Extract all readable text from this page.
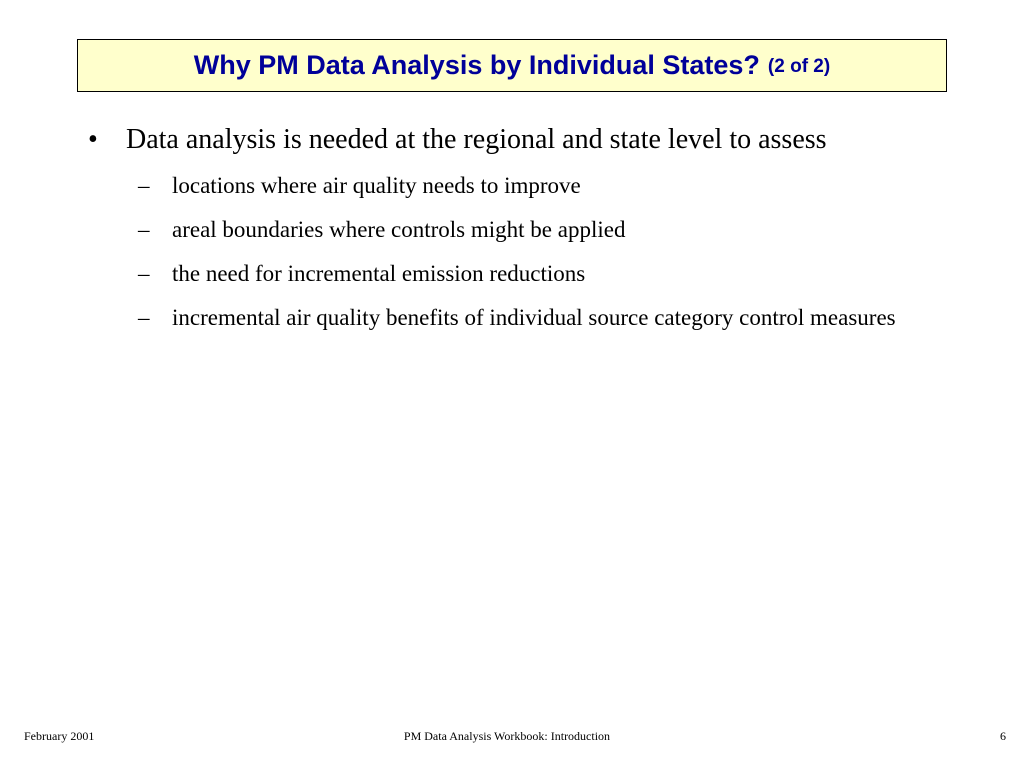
Why PM Data Analysis by Individual States? (2 of 2)
•	Data analysis is needed at the regional and state level to assess
– locations where air quality needs to improve
– areal boundaries where controls might be applied
– the need for incremental emission reductions
– incremental air quality benefits of individual source category control measures
February 2001	PM Data Analysis Workbook: Introduction	6
